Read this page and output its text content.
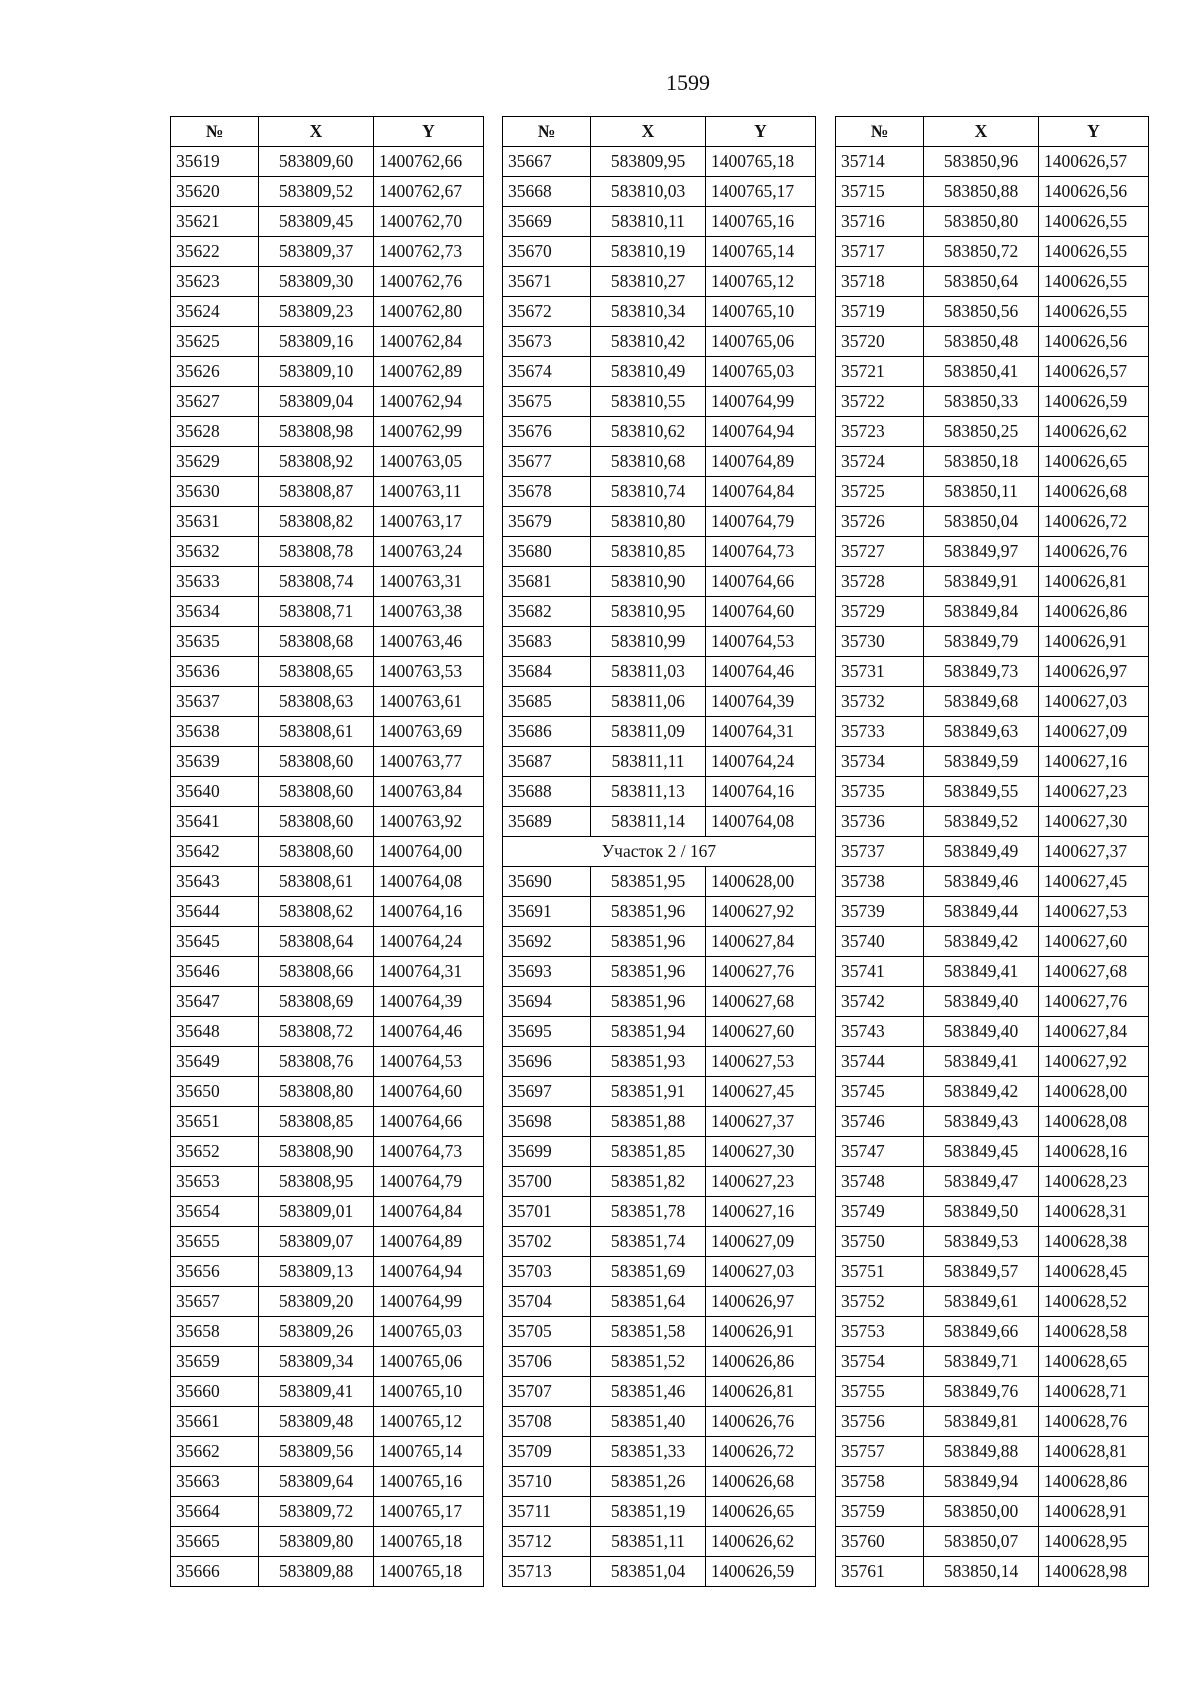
1599
№	X	Y
35619	583809,60	1400762,66
35620	583809,52	1400762,67
35621	583809,45	1400762,70
35622	583809,37	1400762,73
35623	583809,30	1400762,76
35624	583809,23	1400762,80
35625	583809,16	1400762,84
35626	583809,10	1400762,89
35627	583809,04	1400762,94
35628	583808,98	1400762,99
35629	583808,92	1400763,05
35630	583808,87	1400763,11
35631	583808,82	1400763,17
35632	583808,78	1400763,24
35633	583808,74	1400763,31
35634	583808,71	1400763,38
35635	583808,68	1400763,46
35636	583808,65	1400763,53
35637	583808,63	1400763,61
35638	583808,61	1400763,69
35639	583808,60	1400763,77
35640	583808,60	1400763,84
35641	583808,60	1400763,92
35642	583808,60	1400764,00
35643	583808,61	1400764,08
35644	583808,62	1400764,16
35645	583808,64	1400764,24
35646	583808,66	1400764,31
35647	583808,69	1400764,39
35648	583808,72	1400764,46
35649	583808,76	1400764,53
35650	583808,80	1400764,60
35651	583808,85	1400764,66
35652	583808,90	1400764,73
35653	583808,95	1400764,79
35654	583809,01	1400764,84
35655	583809,07	1400764,89
35656	583809,13	1400764,94
35657	583809,20	1400764,99
35658	583809,26	1400765,03
35659	583809,34	1400765,06
35660	583809,41	1400765,10
35661	583809,48	1400765,12
35662	583809,56	1400765,14
35663	583809,64	1400765,16
35664	583809,72	1400765,17
35665	583809,80	1400765,18
35666	583809,88	1400765,18
№	X	Y
35667	583809,95	1400765,18
35668	583810,03	1400765,17
35669	583810,11	1400765,16
35670	583810,19	1400765,14
35671	583810,27	1400765,12
35672	583810,34	1400765,10
35673	583810,42	1400765,06
35674	583810,49	1400765,03
35675	583810,55	1400764,99
35676	583810,62	1400764,94
35677	583810,68	1400764,89
35678	583810,74	1400764,84
35679	583810,80	1400764,79
35680	583810,85	1400764,73
35681	583810,90	1400764,66
35682	583810,95	1400764,60
35683	583810,99	1400764,53
35684	583811,03	1400764,46
35685	583811,06	1400764,39
35686	583811,09	1400764,31
35687	583811,11	1400764,24
35688	583811,13	1400764,16
35689	583811,14	1400764,08
Участок 2 / 167		
35690	583851,95	1400628,00
35691	583851,96	1400627,92
35692	583851,96	1400627,84
35693	583851,96	1400627,76
35694	583851,96	1400627,68
35695	583851,94	1400627,60
35696	583851,93	1400627,53
35697	583851,91	1400627,45
35698	583851,88	1400627,37
35699	583851,85	1400627,30
35700	583851,82	1400627,23
35701	583851,78	1400627,16
35702	583851,74	1400627,09
35703	583851,69	1400627,03
35704	583851,64	1400626,97
35705	583851,58	1400626,91
35706	583851,52	1400626,86
35707	583851,46	1400626,81
35708	583851,40	1400626,76
35709	583851,33	1400626,72
35710	583851,26	1400626,68
35711	583851,19	1400626,65
35712	583851,11	1400626,62
35713	583851,04	1400626,59
№	X	Y
35714	583850,96	1400626,57
35715	583850,88	1400626,56
35716	583850,80	1400626,55
35717	583850,72	1400626,55
35718	583850,64	1400626,55
35719	583850,56	1400626,55
35720	583850,48	1400626,56
35721	583850,41	1400626,57
35722	583850,33	1400626,59
35723	583850,25	1400626,62
35724	583850,18	1400626,65
35725	583850,11	1400626,68
35726	583850,04	1400626,72
35727	583849,97	1400626,76
35728	583849,91	1400626,81
35729	583849,84	1400626,86
35730	583849,79	1400626,91
35731	583849,73	1400626,97
35732	583849,68	1400627,03
35733	583849,63	1400627,09
35734	583849,59	1400627,16
35735	583849,55	1400627,23
35736	583849,52	1400627,30
35737	583849,49	1400627,37
35738	583849,46	1400627,45
35739	583849,44	1400627,53
35740	583849,42	1400627,60
35741	583849,41	1400627,68
35742	583849,40	1400627,76
35743	583849,40	1400627,84
35744	583849,41	1400627,92
35745	583849,42	1400628,00
35746	583849,43	1400628,08
35747	583849,45	1400628,16
35748	583849,47	1400628,23
35749	583849,50	1400628,31
35750	583849,53	1400628,38
35751	583849,57	1400628,45
35752	583849,61	1400628,52
35753	583849,66	1400628,58
35754	583849,71	1400628,65
35755	583849,76	1400628,71
35756	583849,81	1400628,76
35757	583849,88	1400628,81
35758	583849,94	1400628,86
35759	583850,00	1400628,91
35760	583850,07	1400628,95
35761	583850,14	1400628,98
